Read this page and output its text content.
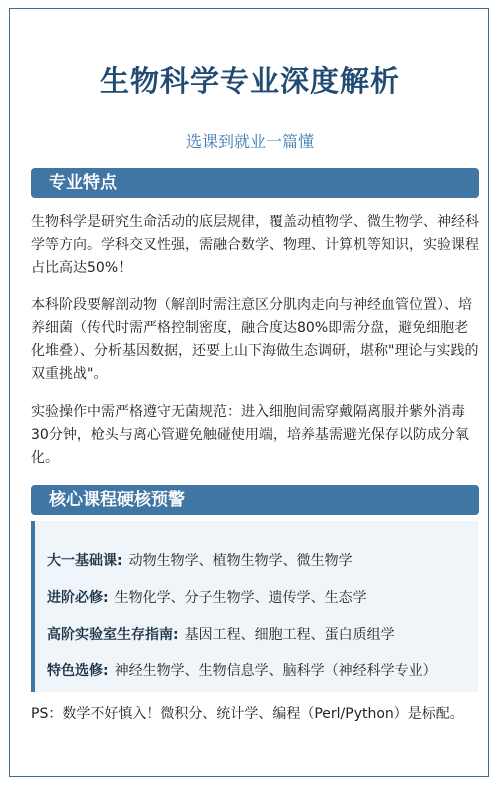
生物科学专业深度解析

选课到就业一篇懂

专业特点

生物科学是研究生命活动的底层规律，覆盖动植物学、微生物学、神经科学等方向。学科交叉性强，需融合数学、物理、计算机等知识，实验课程占比高达50%！

本科阶段要解剖动物（解剖时需注意区分肌肉走向与神经血管位置）、培养细菌（传代时需严格控制密度，融合度达80%即需分盘，避免细胞老化堆叠）、分析基因数据，还要上山下海做生态调研，堪称"理论与实践的双重挑战"。

实验操作中需严格遵守无菌规范：进入细胞间需穿戴隔离服并紫外消毒30分钟，枪头与离心管避免触碰使用端，培养基需避光保存以防成分氧化。

核心课程硬核预警
大一基础课: 动物生物学、植物生物学、微生物学
进阶必修: 生物化学、分子生物学、遗传学、生态学
高阶实验室生存指南: 基因工程、细胞工程、蛋白质组学
特色选修: 神经生物学、生物信息学、脑科学（神经科学专业）

PS：数学不好慎入！微积分、统计学、编程（Perl/Python）是标配。
